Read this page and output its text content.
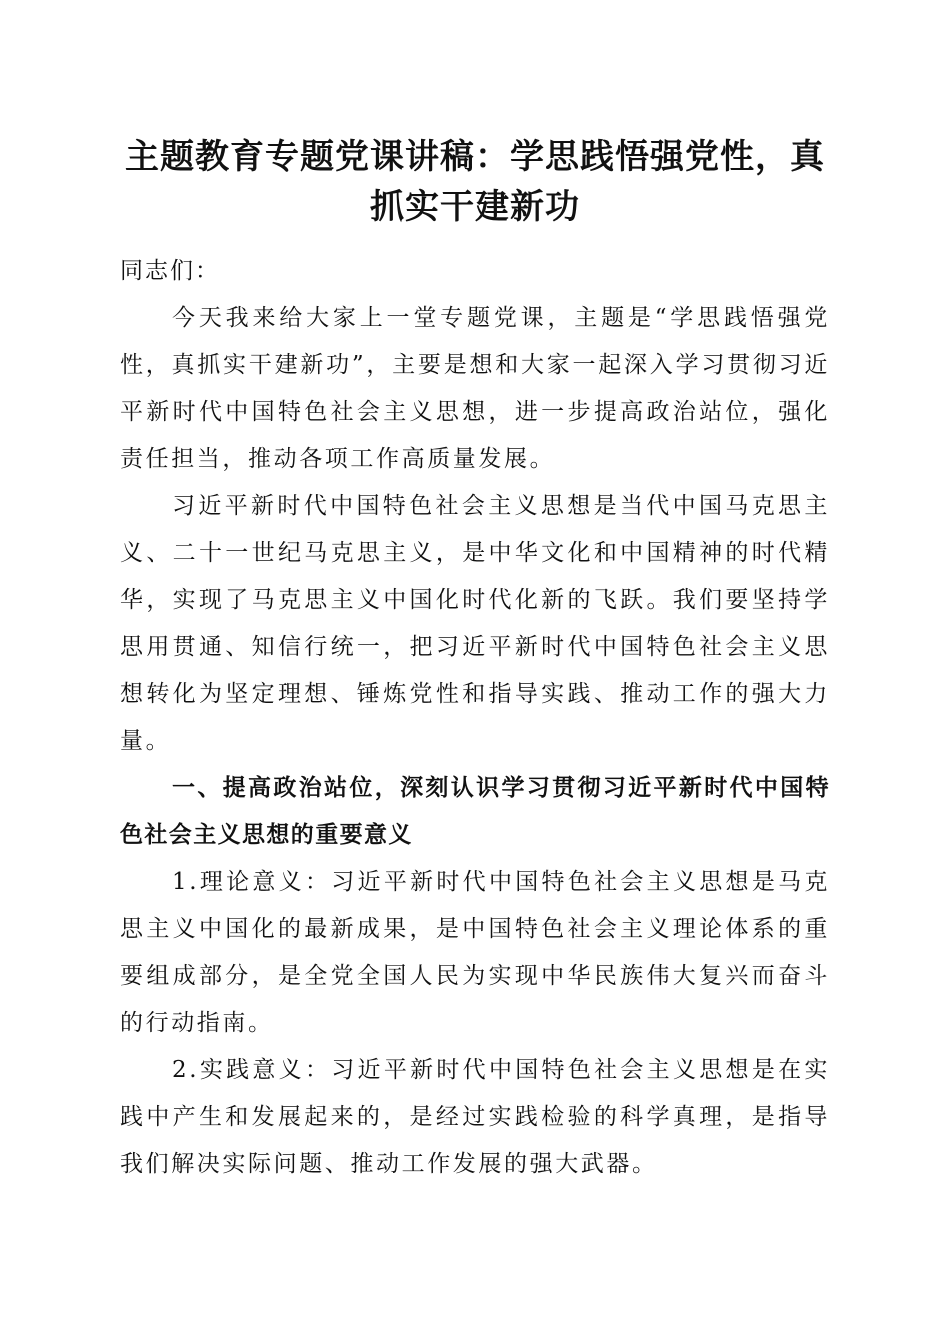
主题教育专题党课讲稿：学思践悟强党性，真抓实干建新功

同志们：

今天我来给大家上一堂专题党课，主题是“学思践悟强党性，真抓实干建新功”，主要是想和大家一起深入学习贯彻习近平新时代中国特色社会主义思想，进一步提高政治站位，强化责任担当，推动各项工作高质量发展。

习近平新时代中国特色社会主义思想是当代中国马克思主义、二十一世纪马克思主义，是中华文化和中国精神的时代精华，实现了马克思主义中国化时代化新的飞跃。我们要坚持学思用贯通、知信行统一，把习近平新时代中国特色社会主义思想转化为坚定理想、锤炼党性和指导实践、推动工作的强大力量。

一、提高政治站位，深刻认识学习贯彻习近平新时代中国特色社会主义思想的重要意义

1.理论意义：习近平新时代中国特色社会主义思想是马克思主义中国化的最新成果，是中国特色社会主义理论体系的重要组成部分，是全党全国人民为实现中华民族伟大复兴而奋斗的行动指南。

2.实践意义：习近平新时代中国特色社会主义思想是在实践中产生和发展起来的，是经过实践检验的科学真理，是指导我们解决实际问题、推动工作发展的强大武器。
